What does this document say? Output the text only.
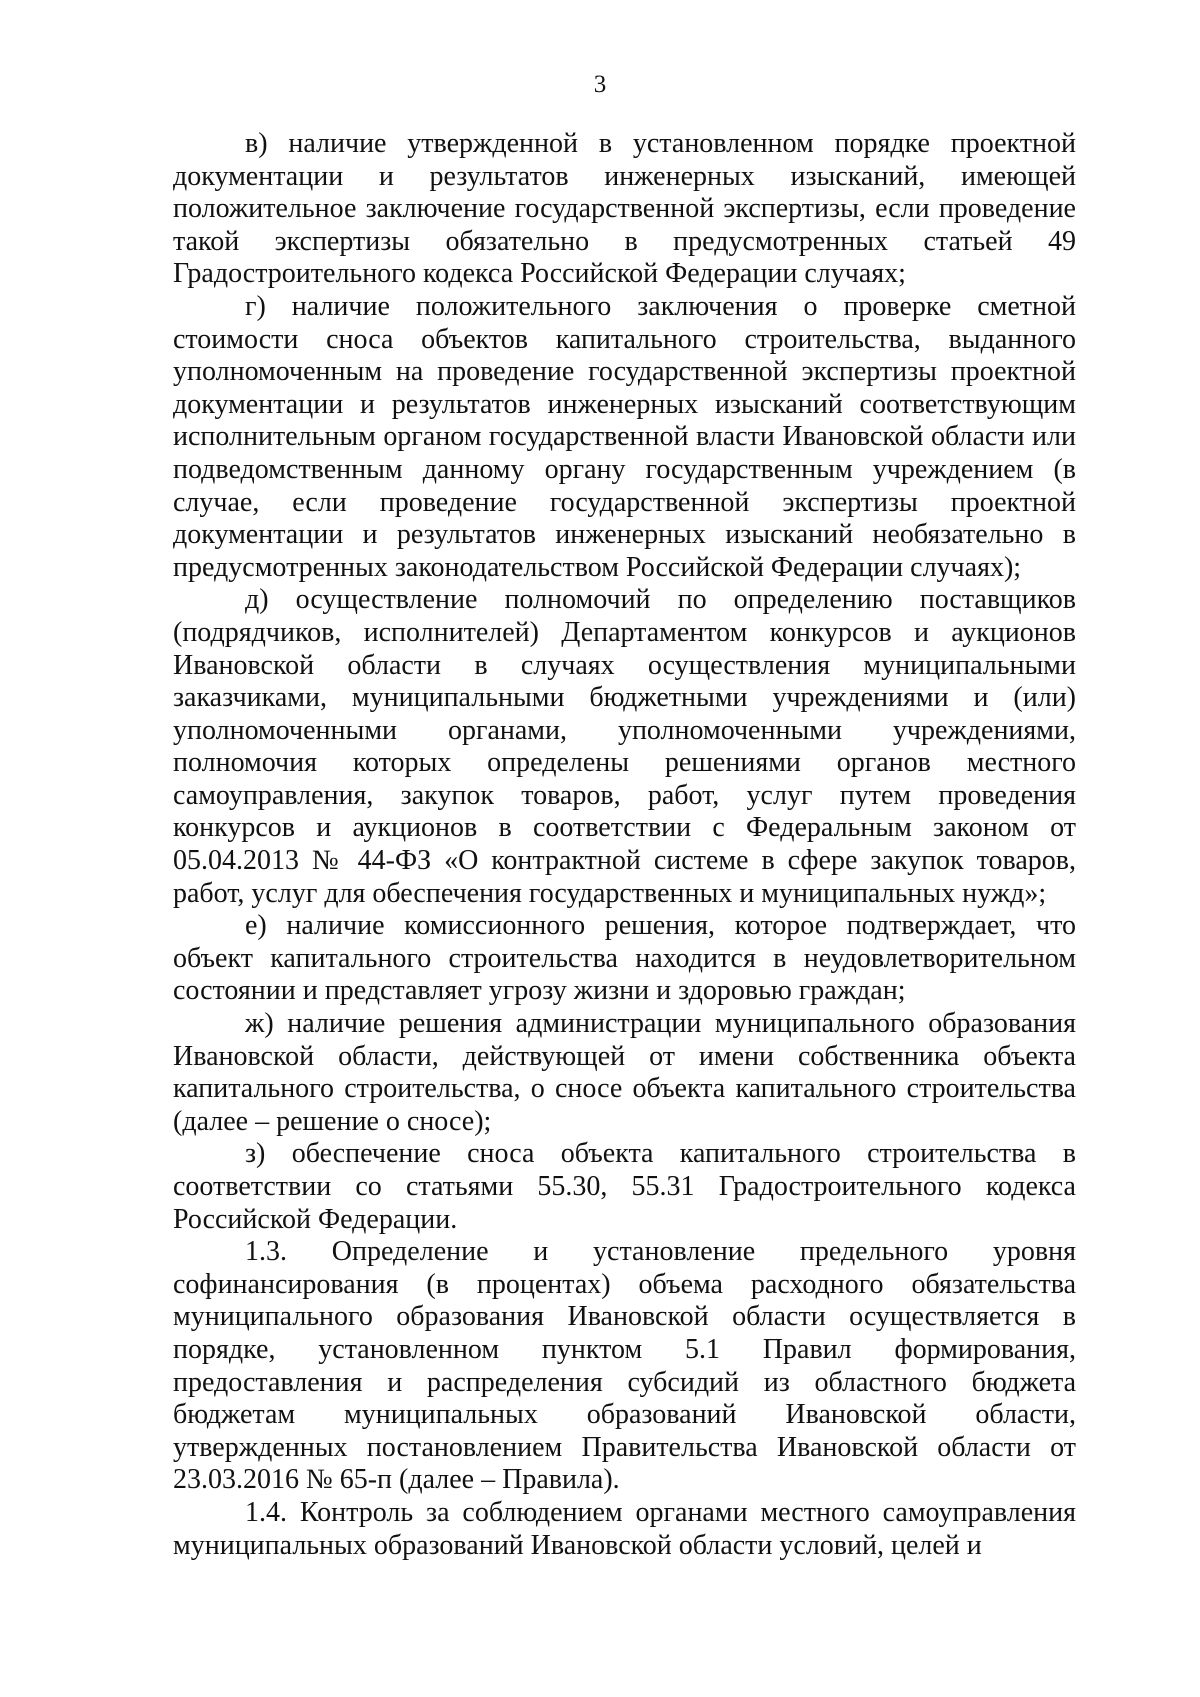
3

в) наличие утвержденной в установленном порядке проектной документации и результатов инженерных изысканий, имеющей положительное заключение государственной экспертизы, если проведение такой экспертизы обязательно в предусмотренных статьей 49 Градостроительного кодекса Российской Федерации случаях;

г) наличие положительного заключения о проверке сметной стоимости сноса объектов капитального строительства, выданного уполномоченным на проведение государственной экспертизы проектной документации и результатов инженерных изысканий соответствующим исполнительным органом государственной власти Ивановской области или подведомственным данному органу государственным учреждением (в случае, если проведение государственной экспертизы проектной документации и результатов инженерных изысканий необязательно в предусмотренных законодательством Российской Федерации случаях);

д) осуществление полномочий по определению поставщиков (подрядчиков, исполнителей) Департаментом конкурсов и аукционов Ивановской области в случаях осуществления муниципальными заказчиками, муниципальными бюджетными учреждениями и (или) уполномоченными органами, уполномоченными учреждениями, полномочия которых определены решениями органов местного самоуправления, закупок товаров, работ, услуг путем проведения конкурсов и аукционов в соответствии с Федеральным законом от 05.04.2013 № 44-ФЗ «О контрактной системе в сфере закупок товаров, работ, услуг для обеспечения государственных и муниципальных нужд»;

е) наличие комиссионного решения, которое подтверждает, что объект капитального строительства находится в неудовлетворительном состоянии и представляет угрозу жизни и здоровью граждан;

ж) наличие решения администрации муниципального образования Ивановской области, действующей от имени собственника объекта капитального строительства, о сносе объекта капитального строительства (далее – решение о сносе);

з) обеспечение сноса объекта капитального строительства в соответствии со статьями 55.30, 55.31 Градостроительного кодекса Российской Федерации.

1.3. Определение и установление предельного уровня софинансирования (в процентах) объема расходного обязательства муниципального образования Ивановской области осуществляется в порядке, установленном пунктом 5.1 Правил формирования, предоставления и распределения субсидий из областного бюджета бюджетам муниципальных образований Ивановской области, утвержденных постановлением Правительства Ивановской области от 23.03.2016 № 65-п (далее – Правила).

1.4. Контроль за соблюдением органами местного самоуправления муниципальных образований Ивановской области условий, целей и
